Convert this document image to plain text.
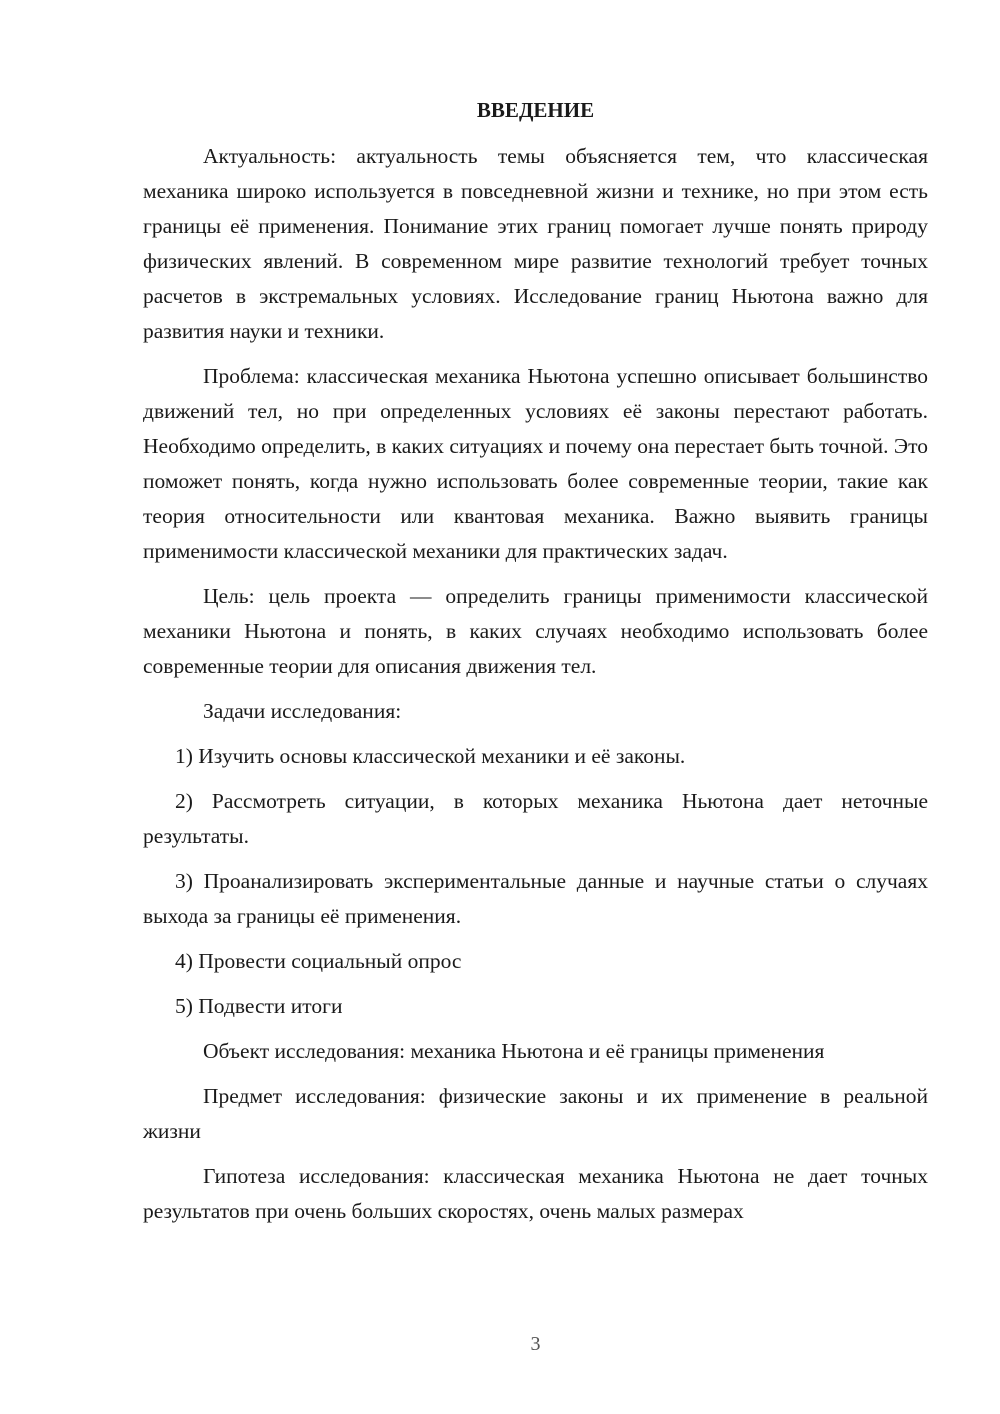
ВВЕДЕНИЕ

Актуальность: актуальность темы объясняется тем, что классическая механика широко используется в повседневной жизни и технике, но при этом есть границы её применения. Понимание этих границ помогает лучше понять природу физических явлений. В современном мире развитие технологий требует точных расчетов в экстремальных условиях. Исследование границ Ньютона важно для развития науки и техники.

Проблема: классическая механика Ньютона успешно описывает большинство движений тел, но при определенных условиях её законы перестают работать. Необходимо определить, в каких ситуациях и почему она перестает быть точной. Это поможет понять, когда нужно использовать более современные теории, такие как теория относительности или квантовая механика. Важно выявить границы применимости классической механики для практических задач.

Цель: цель проекта — определить границы применимости классической механики Ньютона и понять, в каких случаях необходимо использовать более современные теории для описания движения тел.

Задачи исследования:

1) Изучить основы классической механики и её законы.

2) Рассмотреть ситуации, в которых механика Ньютона дает неточные результаты.

3) Проанализировать экспериментальные данные и научные статьи о случаях выхода за границы её применения.

4) Провести социальный опрос

5) Подвести итоги

Объект исследования: механика Ньютона и её границы применения

Предмет исследования: физические законы и их применение в реальной жизни

Гипотеза исследования: классическая механика Ньютона не дает точных результатов при очень больших скоростях, очень малых размерах

3
